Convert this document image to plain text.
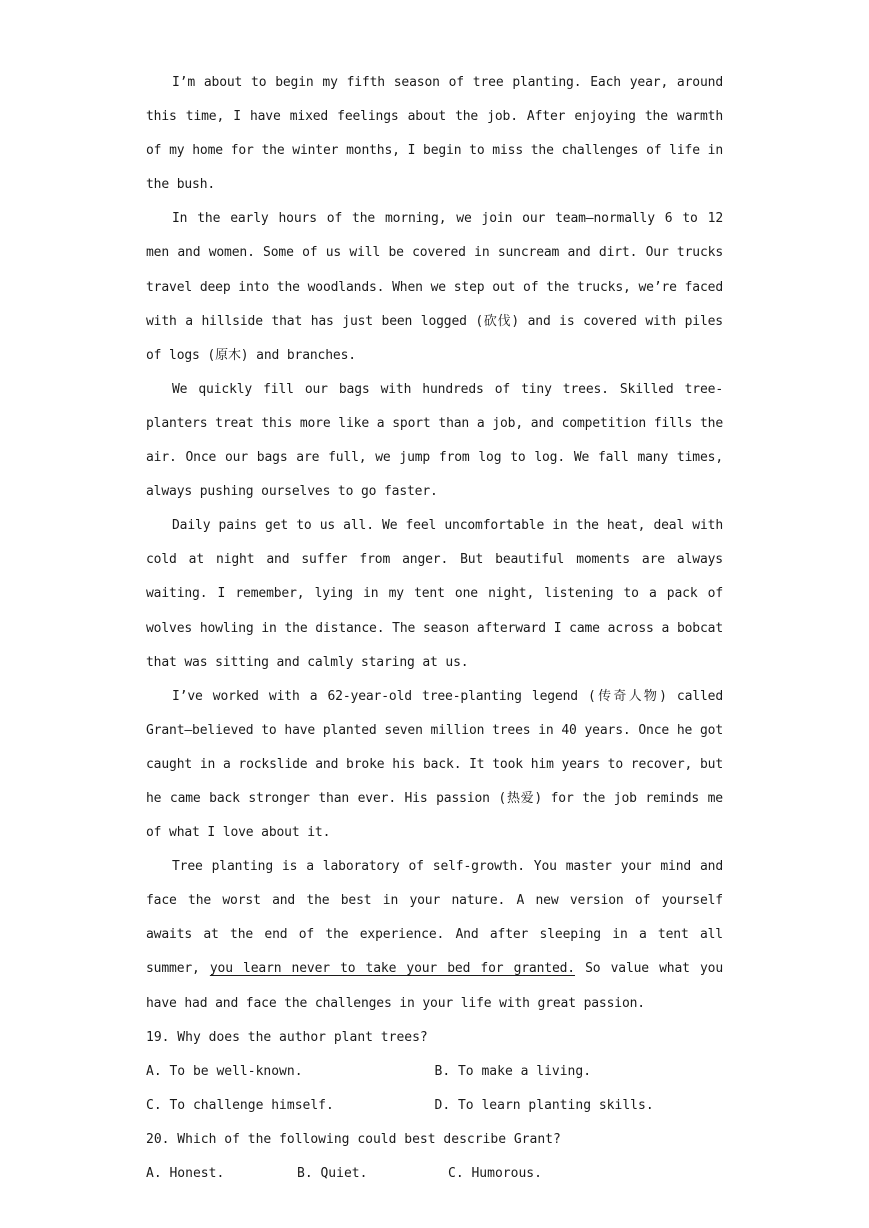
I’m about to begin my fifth season of tree planting. Each year, around this time, I have mixed feelings about the job. After enjoying the warmth of my home for the winter months, I begin to miss the challenges of life in the bush.

In the early hours of the morning, we join our team—normally 6 to 12 men and women. Some of us will be covered in suncream and dirt. Our trucks travel deep into the woodlands. When we step out of the trucks, we’re faced with a hillside that has just been logged (砍伐) and is covered with piles of logs (原木) and branches.

We quickly fill our bags with hundreds of tiny trees. Skilled tree-planters treat this more like a sport than a job, and competition fills the air. Once our bags are full, we jump from log to log. We fall many times, always pushing ourselves to go faster.

Daily pains get to us all. We feel uncomfortable in the heat, deal with cold at night and suffer from anger. But beautiful moments are always waiting. I remember, lying in my tent one night, listening to a pack of wolves howling in the distance. The season afterward I came across a bobcat that was sitting and calmly staring at us.

I’ve worked with a 62-year-old tree-planting legend (传奇人物) called Grant—believed to have planted seven million trees in 40 years. Once he got caught in a rockslide and broke his back. It took him years to recover, but he came back stronger than ever. His passion (热爱) for the job reminds me of what I love about it.

Tree planting is a laboratory of self-growth. You master your mind and face the worst and the best in your nature. A new version of yourself awaits at the end of the experience. And after sleeping in a tent all summer, you learn never to take your bed for granted. So value what you have had and face the challenges in your life with great passion.

19. Why does the author plant trees?

A. To be well-known.	B. To make a living.
C. To challenge himself.	D. To learn planting skills.

20. Which of the following could best describe Grant?

A. Honest.	B. Quiet.	C. Humorous.
